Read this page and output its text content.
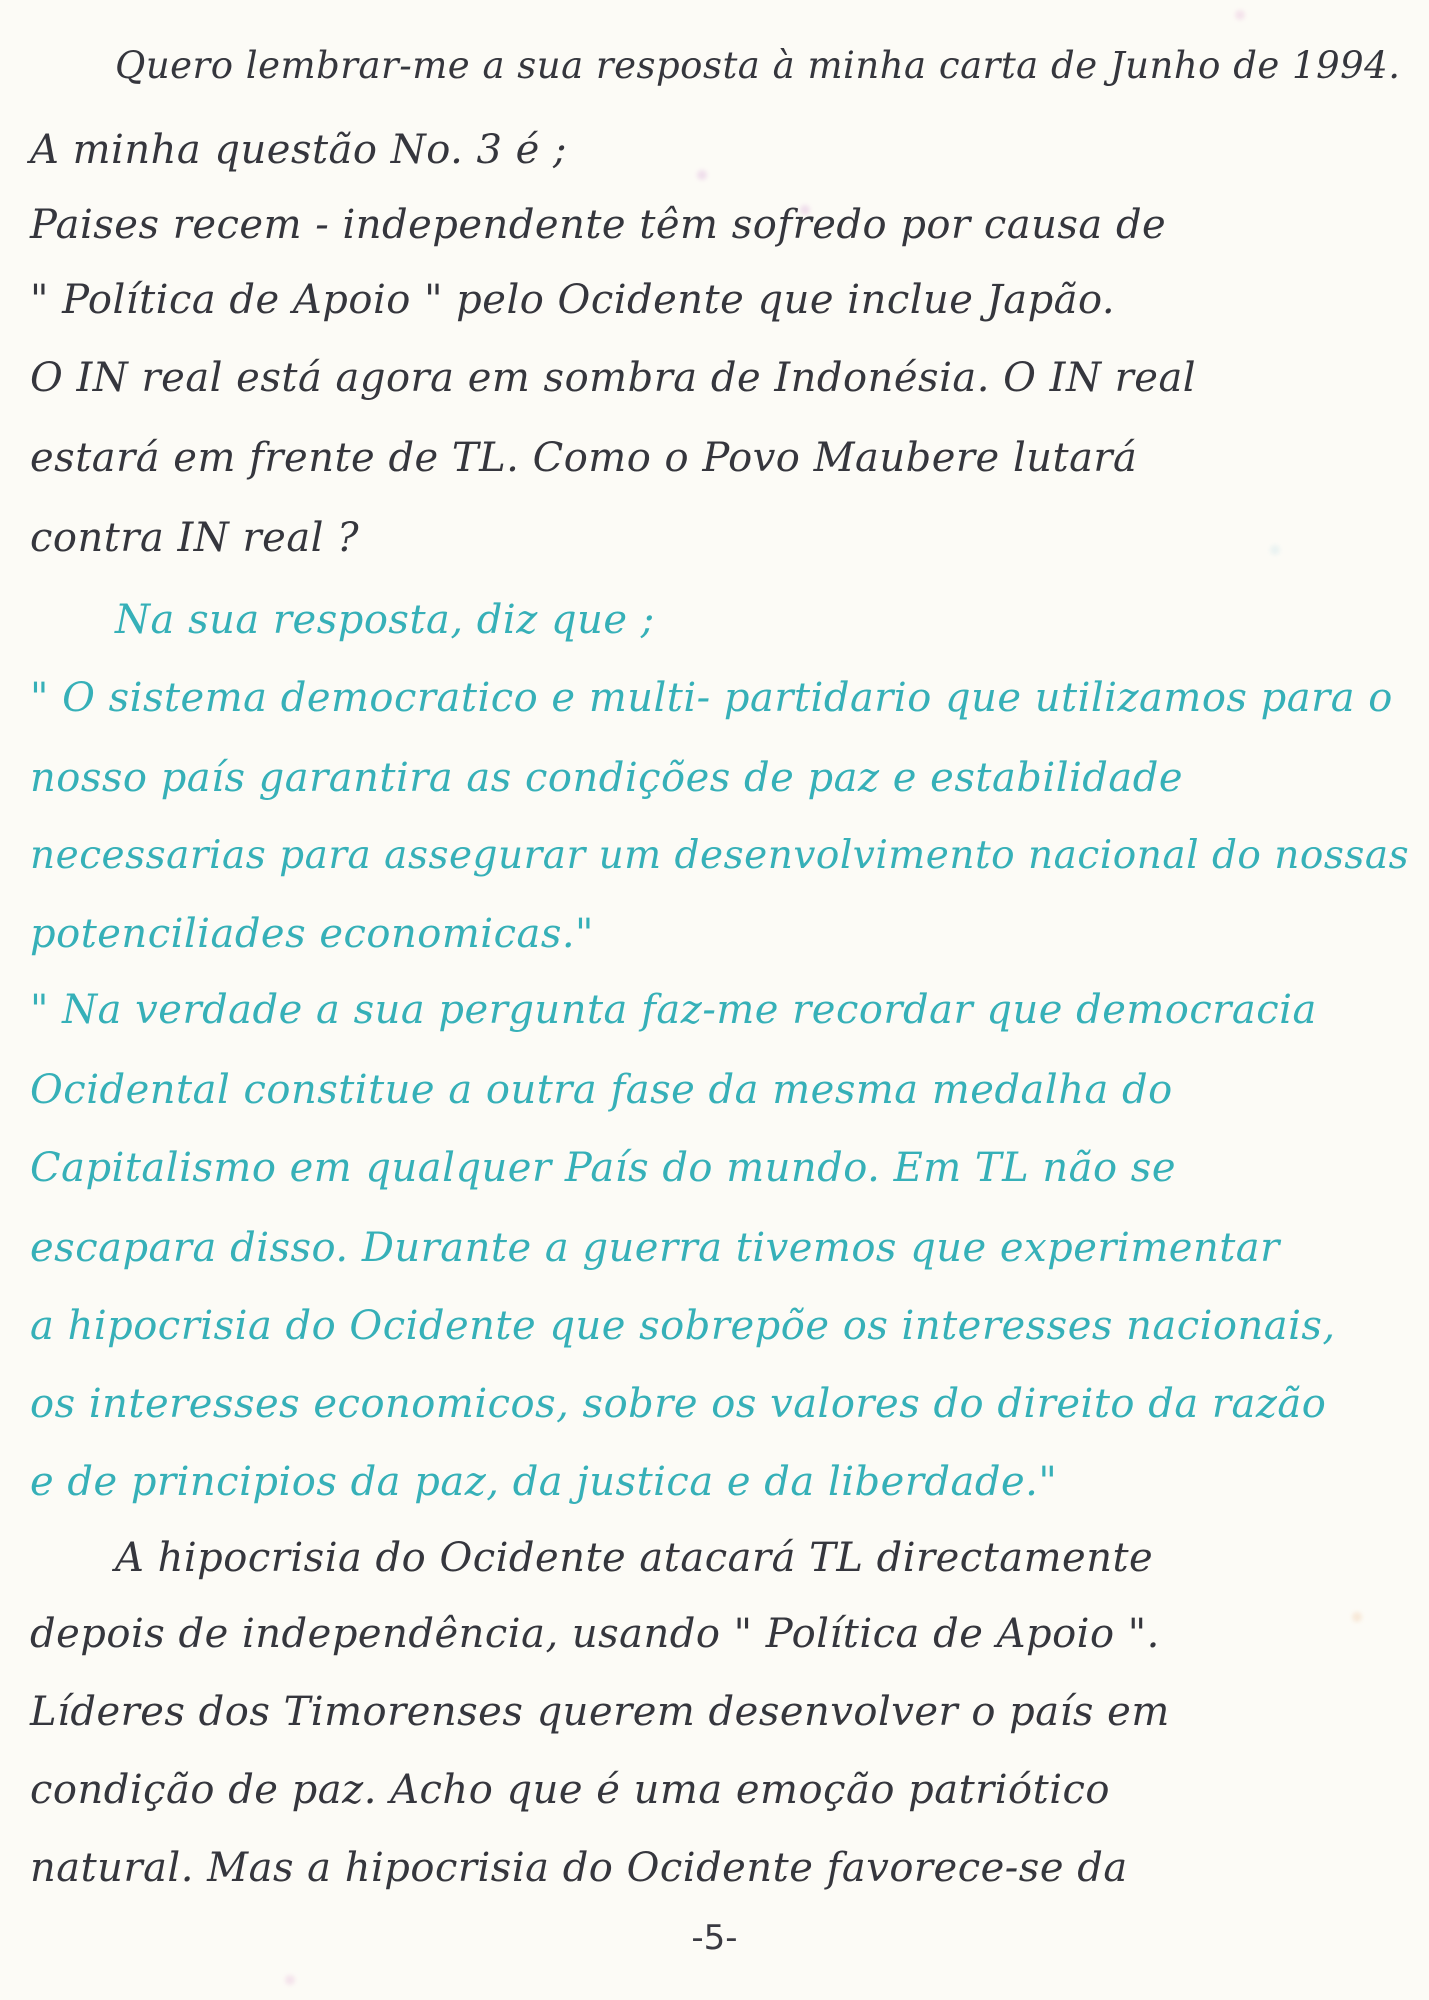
Quero lembrar-me a sua resposta à minha carta de Junho de 1994.
A minha questão No. 3 é ;
Paises recem - independente têm sofredo por causa de
" Política de Apoio " pelo Ocidente que inclue Japão.
O IN real está agora em sombra de Indonésia. O IN real
estará em frente de TL. Como o Povo Maubere lutará
contra IN real ?
Na sua resposta, diz que ;
" O sistema democratico e multi- partidario que utilizamos para o
nosso país garantira as condições de paz e estabilidade
necessarias para assegurar um desenvolvimento nacional do nossas
potenciliades economicas."
" Na verdade a sua pergunta faz-me recordar que democracia
Ocidental constitue a outra fase da mesma medalha do
Capitalismo em qualquer País do mundo. Em TL não se
escapara disso. Durante a guerra tivemos que experimentar
a hipocrisia do Ocidente que sobrepõe os interesses nacionais,
os interesses economicos, sobre os valores do direito da razão
e de principios da paz, da justica e da liberdade."
A hipocrisia do Ocidente atacará TL directamente
depois de independência, usando " Política de Apoio ".
Líderes dos Timorenses querem desenvolver o país em
condição de paz. Acho que é uma emoção patriótico
natural. Mas a hipocrisia do Ocidente favorece-se da
-5-
